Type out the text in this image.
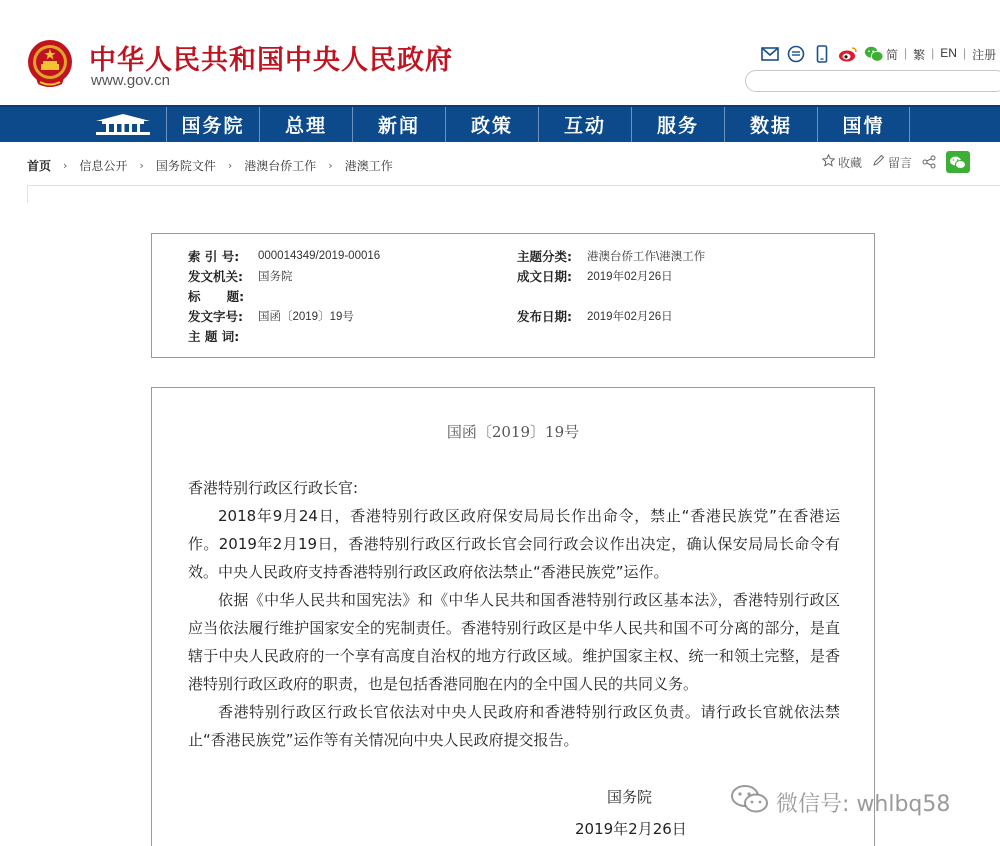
中华人民共和国中央人民政府
www.gov.cn
简 | 繁 | EN | 注册
国务院	总理	新闻	政策	互动	服务	数据	国情
首页 › 信息公开 › 国务院文件 › 港澳台侨工作 › 港澳工作	收藏 留言
索 引 号:	000014349/2019-00016	主题分类:	港澳台侨工作\港澳工作
发文机关:	国务院	成文日期:	2019年02月26日
标      题:
发文字号:	国函〔2019〕19号	发布日期:	2019年02月26日
主 题 词:
国函〔2019〕19号

香港特别行政区行政长官:

2018年9月24日，香港特别行政区政府保安局局长作出命令，禁止“香港民族党”在香港运作。2019年2月19日，香港特别行政区行政长官会同行政会议作出决定，确认保安局局长命令有效。中央人民政府支持香港特别行政区政府依法禁止“香港民族党”运作。

依据《中华人民共和国宪法》和《中华人民共和国香港特别行政区基本法》，香港特别行政区应当依法履行维护国家安全的宪制责任。香港特别行政区是中华人民共和国不可分离的部分，是直辖于中央人民政府的一个享有高度自治权的地方行政区域。维护国家主权、统一和领土完整，是香港特别行政区政府的职责，也是包括香港同胞在内的全中国人民的共同义务。

香港特别行政区行政长官依法对中央人民政府和香港特别行政区负责。请行政长官就依法禁止“香港民族党”运作等有关情况向中央人民政府提交报告。

国务院
2019年2月26日
微信号: whlbq58
